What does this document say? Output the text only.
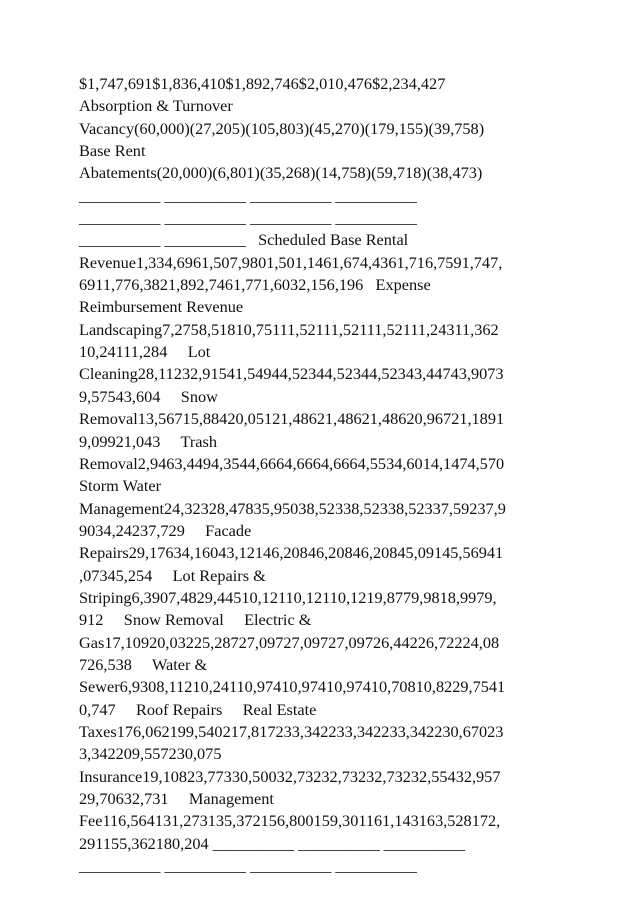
$1,747,691$1,836,410$1,892,746$2,010,476$2,234,427
Absorption & Turnover
Vacancy(60,000)(27,205)(105,803)(45,270)(179,155)(39,758)
Base Rent
Abatements(20,000)(6,801)(35,268)(14,758)(59,718)(38,473)
__________ __________ __________ __________
__________ __________ __________ __________
__________ __________   Scheduled Base Rental
Revenue1,334,6961,507,9801,501,1461,674,4361,716,7591,747,
6911,776,3821,892,7461,771,6032,156,196   Expense
Reimbursement Revenue
Landscaping7,2758,51810,75111,52111,52111,52111,24311,362
10,24111,284     Lot
Cleaning28,11232,91541,54944,52344,52344,52343,44743,9073
9,57543,604     Snow
Removal13,56715,88420,05121,48621,48621,48620,96721,1891
9,09921,043     Trash
Removal2,9463,4494,3544,6664,6664,6664,5534,6014,1474,570
Storm Water
Management24,32328,47835,95038,52338,52338,52337,59237,9
9034,24237,729     Facade
Repairs29,17634,16043,12146,20846,20846,20845,09145,56941
,07345,254     Lot Repairs &
Striping6,3907,4829,44510,12110,12110,1219,8779,9818,9979,
912     Snow Removal     Electric &
Gas17,10920,03225,28727,09727,09727,09726,44226,72224,08
726,538     Water &
Sewer6,9308,11210,24110,97410,97410,97410,70810,8229,7541
0,747     Roof Repairs     Real Estate
Taxes176,062199,540217,817233,342233,342233,342230,67023
3,342209,557230,075
Insurance19,10823,77330,50032,73232,73232,73232,55432,957
29,70632,731     Management
Fee116,564131,273135,372156,800159,301161,143163,528172,
291155,362180,204 __________ __________ __________
__________ __________ __________ __________
